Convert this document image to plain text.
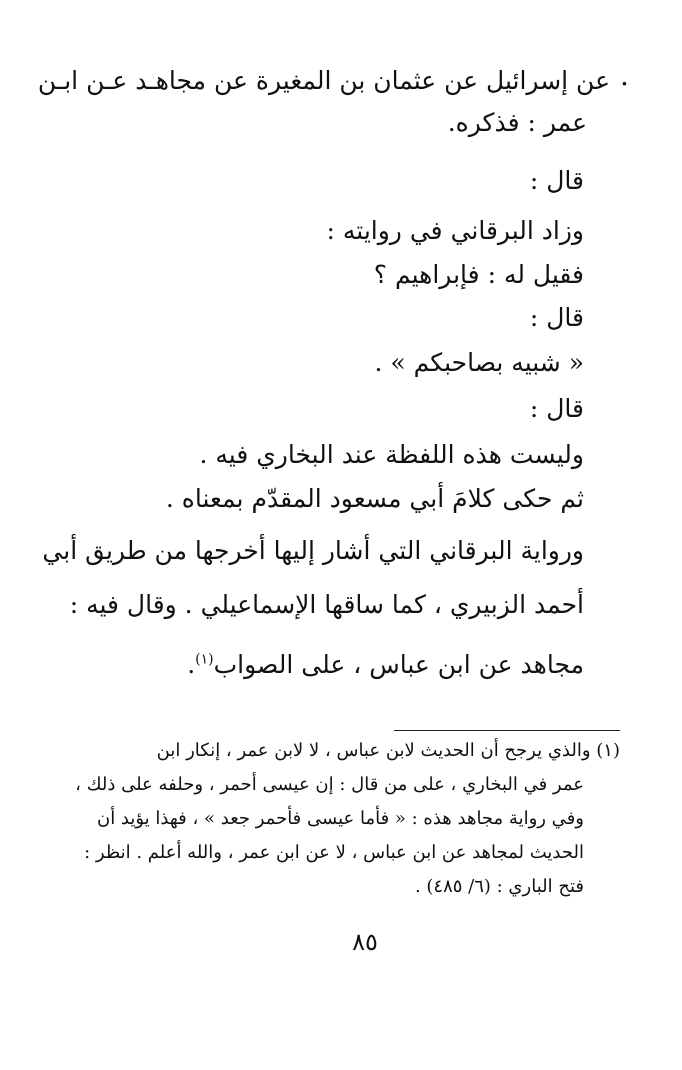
.
عن إسرائيل عن عثمان بن المغيرة عن مجاهـد عـن ابـن
عمر : فذكره.
قال :
وزاد البرقاني في روايته :
فقيل له : فإبراهيم ؟
قال :
« شبيه بصاحبكم » .
قال :
وليست هذه اللفظة عند البخاري فيه .
ثم حكى كلامَ أبي مسعود المقدّم بمعناه .
ورواية البرقاني التي أشار إليها أخرجها من طريق أبي
أحمد الزبيري ، كما ساقها الإسماعيلي . وقال فيه :
مجاهد عن ابن عباس ، على الصواب$^{(١)}$.
(١) والذي يرجح أن الحديث لابن عباس ، لا لابن عمر ، إنكار ابن
عمر في البخاري ، على من قال : إن عيسى أحمر ، وحلفه على ذلك ،
وفي رواية مجاهد هذه : « فأما عيسى فأحمر جعد » ، فهذا يؤيد أن
الحديث لمجاهد عن ابن عباس ، لا عن ابن عمر ، والله أعلم . انظر :
فتح الباري : (٦/ ٤٨٥) .
٨٥
